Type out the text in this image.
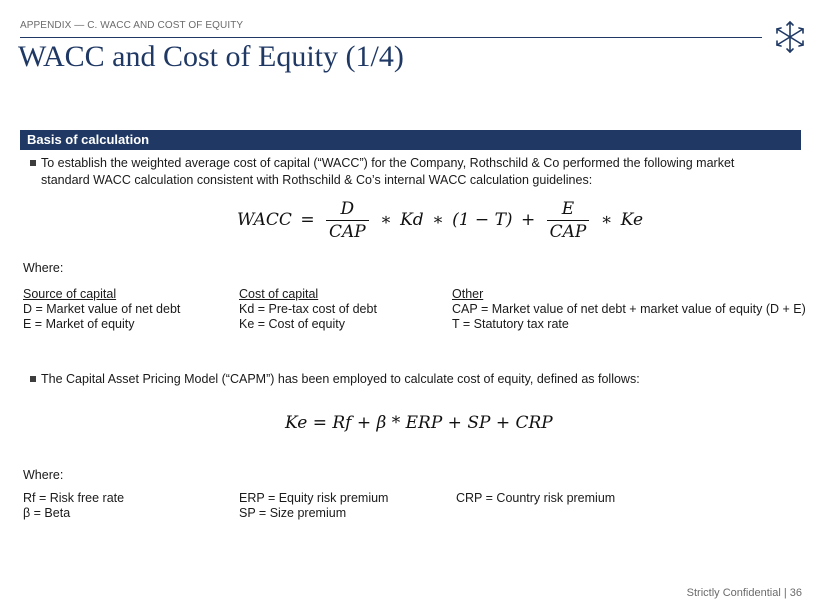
APPENDIX — C. WACC AND COST OF EQUITY
WACC and Cost of Equity (1/4)
Basis of calculation
To establish the weighted average cost of capital (“WACC”) for the Company, Rothschild & Co performed the following market standard WACC calculation consistent with Rothschild & Co’s internal WACC calculation guidelines:
WACC = $\frac{D}{\text{CAP}}$ ∗ Kd ∗ $(1 - T) + \frac{E}{\text{CAP}}$ ∗ Ke
Where:
Source of capital
D = Market value of net debt
E = Market of equity
Cost of capital
Kd = Pre-tax cost of debt
Ke = Cost of equity
Other
CAP = Market value of net debt + market value of equity (D + E)
T = Statutory tax rate
The Capital Asset Pricing Model (“CAPM”) has been employed to calculate cost of equity, defined as follows:
Ke = Rf + β * ERP + SP + CRP
Where:
Rf = Risk free rate
β = Beta
ERP = Equity risk premium
SP = Size premium
CRP = Country risk premium
Strictly Confidential | 36
